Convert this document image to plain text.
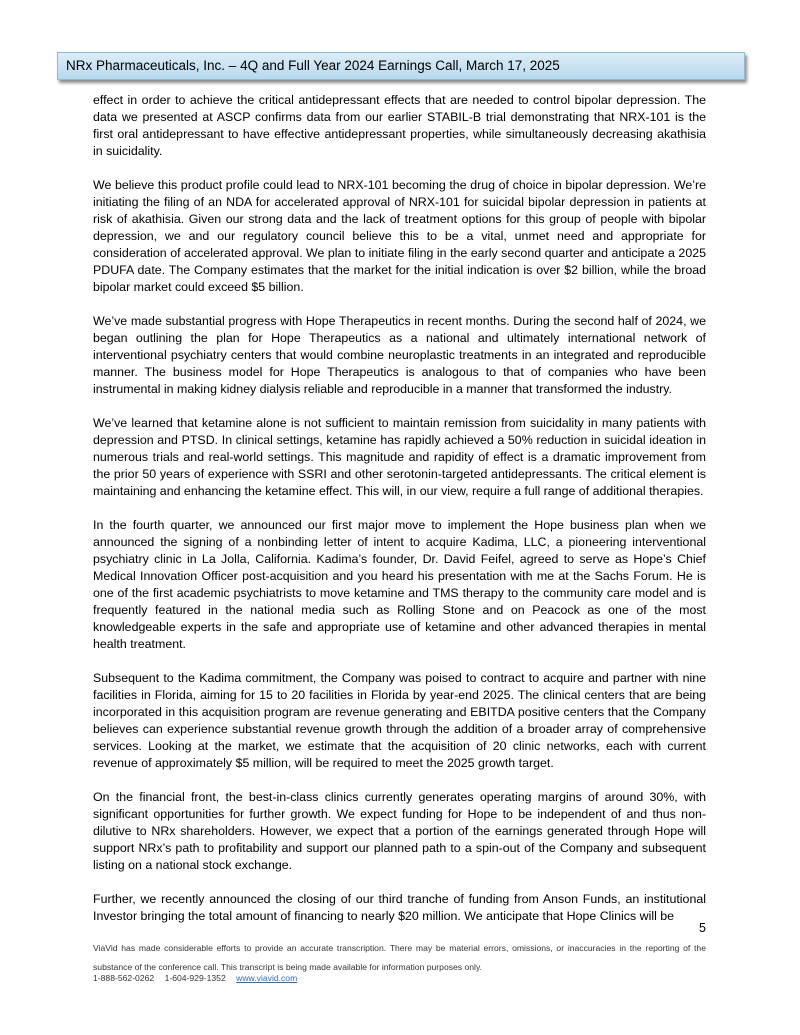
NRx Pharmaceuticals, Inc. – 4Q and Full Year 2024 Earnings Call, March 17, 2025

effect in order to achieve the critical antidepressant effects that are needed to control bipolar depression. The data we presented at ASCP confirms data from our earlier STABIL-B trial demonstrating that NRX-101 is the first oral antidepressant to have effective antidepressant properties, while simultaneously decreasing akathisia in suicidality.

We believe this product profile could lead to NRX-101 becoming the drug of choice in bipolar depression. We’re initiating the filing of an NDA for accelerated approval of NRX-101 for suicidal bipolar depression in patients at risk of akathisia. Given our strong data and the lack of treatment options for this group of people with bipolar depression, we and our regulatory council believe this to be a vital, unmet need and appropriate for consideration of accelerated approval. We plan to initiate filing in the early second quarter and anticipate a 2025 PDUFA date. The Company estimates that the market for the initial indication is over $2 billion, while the broad bipolar market could exceed $5 billion.

We’ve made substantial progress with Hope Therapeutics in recent months. During the second half of 2024, we began outlining the plan for Hope Therapeutics as a national and ultimately international network of interventional psychiatry centers that would combine neuroplastic treatments in an integrated and reproducible manner. The business model for Hope Therapeutics is analogous to that of companies who have been instrumental in making kidney dialysis reliable and reproducible in a manner that transformed the industry.

We’ve learned that ketamine alone is not sufficient to maintain remission from suicidality in many patients with depression and PTSD. In clinical settings, ketamine has rapidly achieved a 50% reduction in suicidal ideation in numerous trials and real-world settings. This magnitude and rapidity of effect is a dramatic improvement from the prior 50 years of experience with SSRI and other serotonin-targeted antidepressants. The critical element is maintaining and enhancing the ketamine effect. This will, in our view, require a full range of additional therapies.

In the fourth quarter, we announced our first major move to implement the Hope business plan when we announced the signing of a nonbinding letter of intent to acquire Kadima, LLC, a pioneering interventional psychiatry clinic in La Jolla, California. Kadima’s founder, Dr. David Feifel, agreed to serve as Hope’s Chief Medical Innovation Officer post-acquisition and you heard his presentation with me at the Sachs Forum. He is one of the first academic psychiatrists to move ketamine and TMS therapy to the community care model and is frequently featured in the national media such as Rolling Stone and on Peacock as one of the most knowledgeable experts in the safe and appropriate use of ketamine and other advanced therapies in mental health treatment.

Subsequent to the Kadima commitment, the Company was poised to contract to acquire and partner with nine facilities in Florida, aiming for 15 to 20 facilities in Florida by year-end 2025. The clinical centers that are being incorporated in this acquisition program are revenue generating and EBITDA positive centers that the Company believes can experience substantial revenue growth through the addition of a broader array of comprehensive services. Looking at the market, we estimate that the acquisition of 20 clinic networks, each with current revenue of approximately $5 million, will be required to meet the 2025 growth target.

On the financial front, the best-in-class clinics currently generates operating margins of around 30%, with significant opportunities for further growth. We expect funding for Hope to be independent of and thus non-dilutive to NRx shareholders. However, we expect that a portion of the earnings generated through Hope will support NRx’s path to profitability and support our planned path to a spin-out of the Company and subsequent listing on a national stock exchange.

Further, we recently announced the closing of our third tranche of funding from Anson Funds, an institutional Investor bringing the total amount of financing to nearly $20 million. We anticipate that Hope Clinics will be

5
ViaVid has made considerable efforts to provide an accurate transcription. There may be material errors, omissions, or inaccuracies in the reporting of the substance of the conference call. This transcript is being made available for information purposes only.
1-888-562-0262 1-604-929-1352 www.viavid.com
